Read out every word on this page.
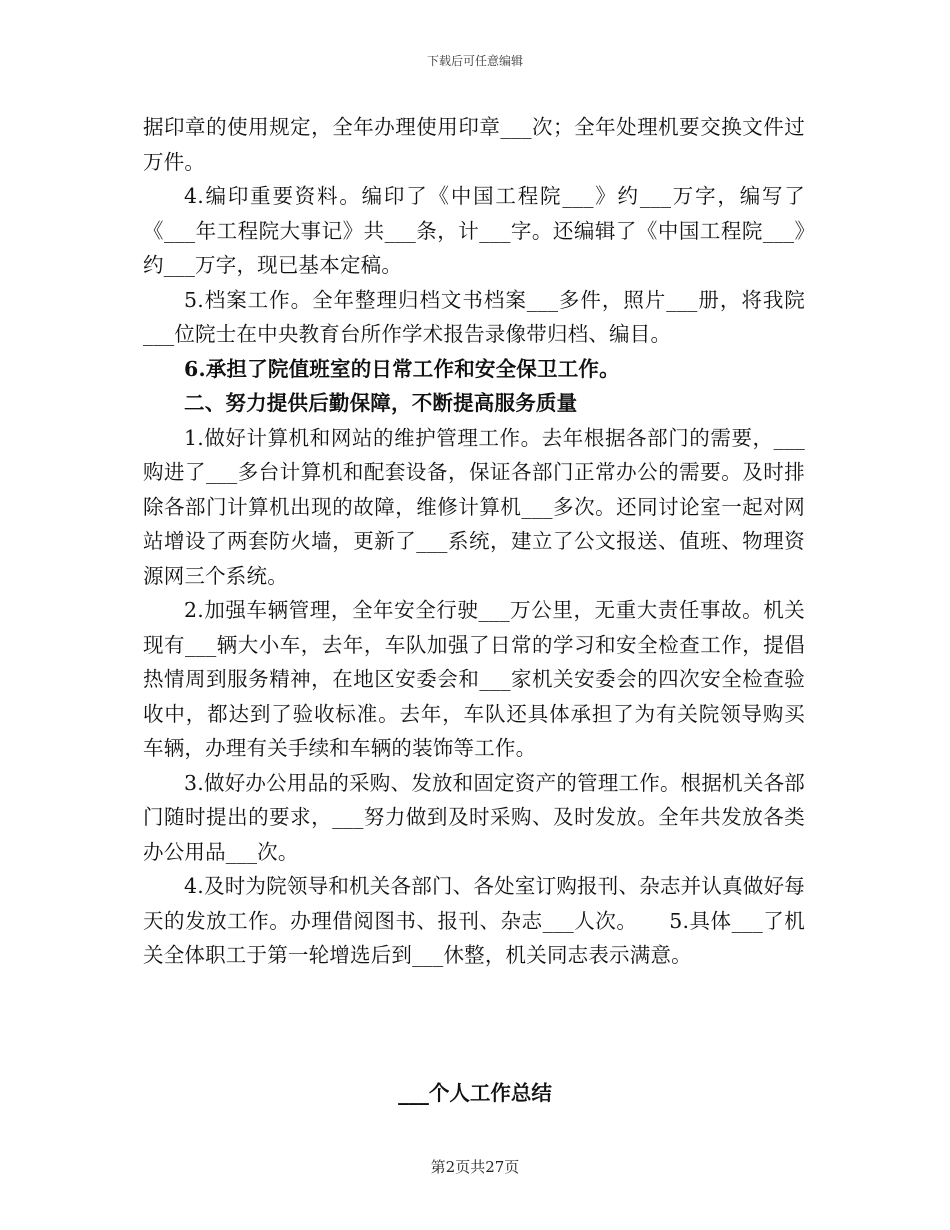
下载后可任意编辑

据印章的使用规定，全年办理使用印章___次；全年处理机要交换文件过万件。

4.编印重要资料。编印了《中国工程院___》约___万字，编写了《___年工程院大事记》共___条，计___字。还编辑了《中国工程院___》约___万字，现已基本定稿。

5.档案工作。全年整理归档文书档案___多件，照片___册，将我院___位院士在中央教育台所作学术报告录像带归档、编目。

6.承担了院值班室的日常工作和安全保卫工作。

二、努力提供后勤保障，不断提高服务质量

1.做好计算机和网站的维护管理工作。去年根据各部门的需要，___购进了___多台计算机和配套设备，保证各部门正常办公的需要。及时排除各部门计算机出现的故障，维修计算机___多次。还同讨论室一起对网站增设了两套防火墙，更新了___系统，建立了公文报送、值班、物理资源网三个系统。

2.加强车辆管理，全年安全行驶___万公里，无重大责任事故。机关现有___辆大小车，去年，车队加强了日常的学习和安全检查工作，提倡热情周到服务精神，在地区安委会和___家机关安委会的四次安全检查验收中，都达到了验收标准。去年，车队还具体承担了为有关院领导购买车辆，办理有关手续和车辆的装饰等工作。

3.做好办公用品的采购、发放和固定资产的管理工作。根据机关各部门随时提出的要求，___努力做到及时采购、及时发放。全年共发放各类办公用品___次。

4.及时为院领导和机关各部门、各处室订购报刊、杂志并认真做好每天的发放工作。办理借阅图书、报刊、杂志___人次。　　5.具体___了机关全体职工于第一轮增选后到___休整，机关同志表示满意。

___个人工作总结
第2页共27页
